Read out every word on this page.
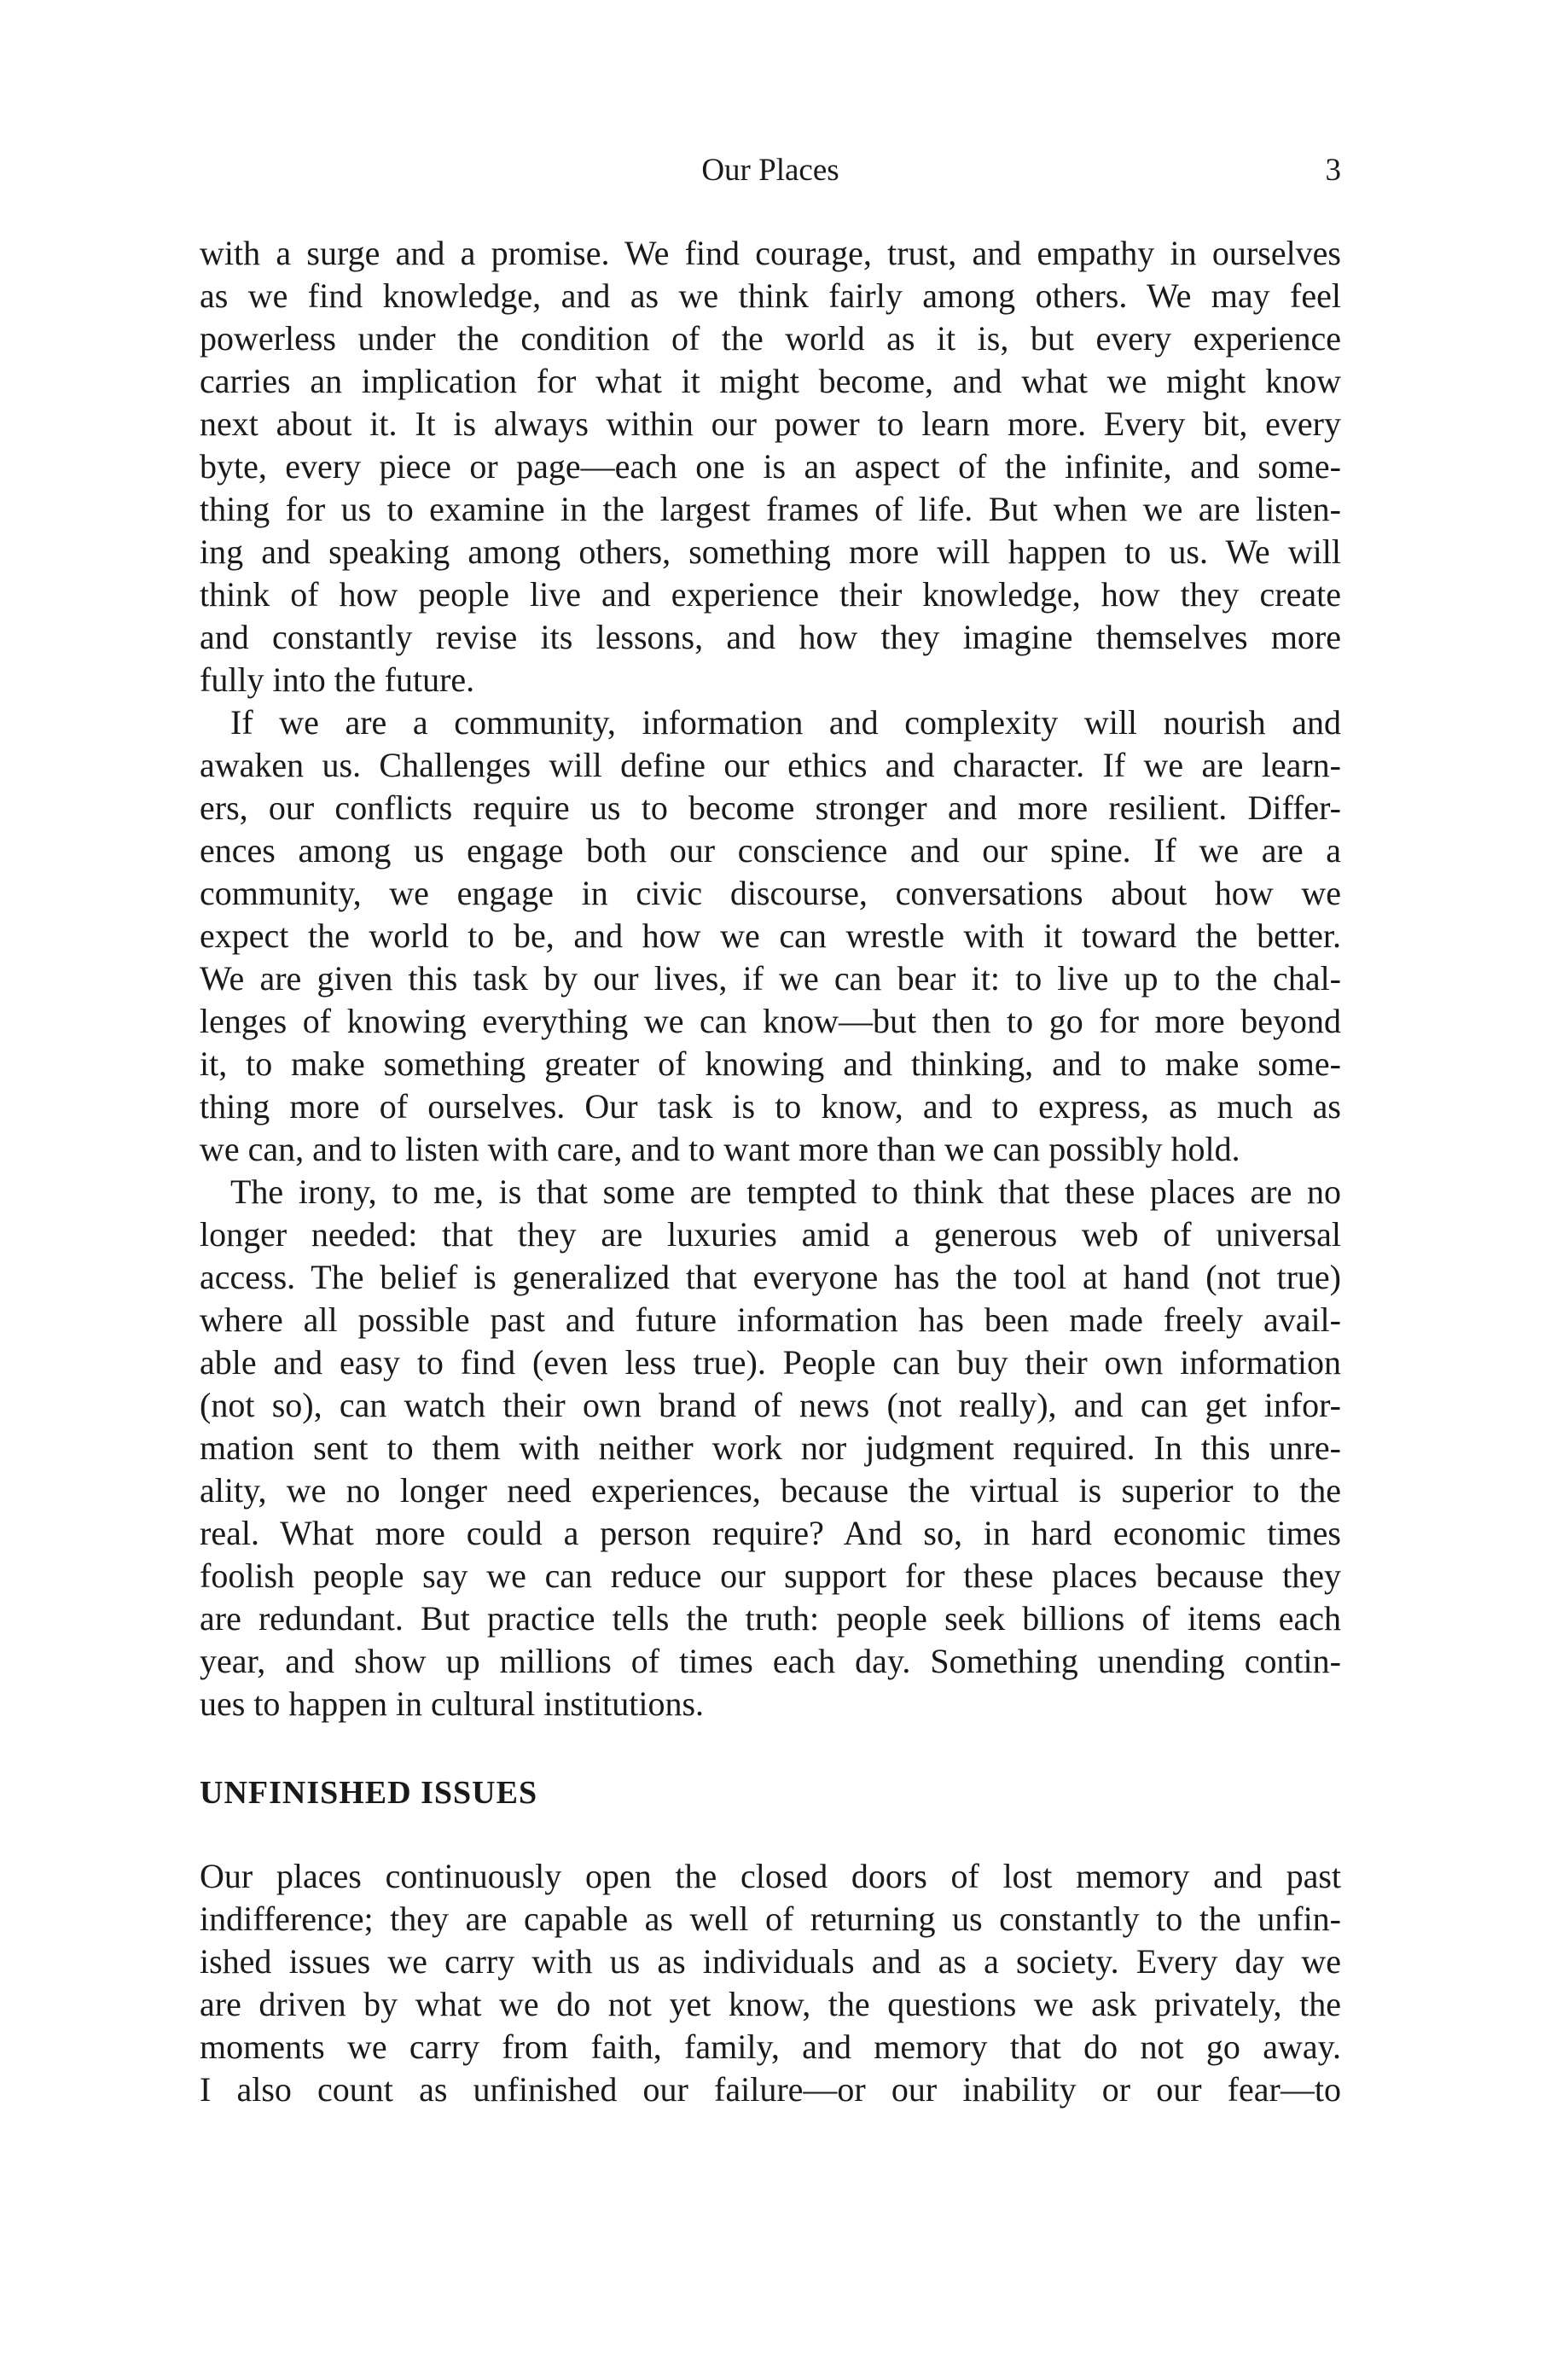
Our Places	3
with a surge and a promise. We find courage, trust, and empathy in ourselves
as we find knowledge, and as we think fairly among others. We may feel
powerless under the condition of the world as it is, but every experience
carries an implication for what it might become, and what we might know
next about it. It is always within our power to learn more. Every bit, every
byte, every piece or page—each one is an aspect of the infinite, and some-
thing for us to examine in the largest frames of life. But when we are listen-
ing and speaking among others, something more will happen to us. We will
think of how people live and experience their knowledge, how they create
and constantly revise its lessons, and how they imagine themselves more
fully into the future.
If we are a community, information and complexity will nourish and
awaken us. Challenges will define our ethics and character. If we are learn-
ers, our conflicts require us to become stronger and more resilient. Differ-
ences among us engage both our conscience and our spine. If we are a
community, we engage in civic discourse, conversations about how we
expect the world to be, and how we can wrestle with it toward the better.
We are given this task by our lives, if we can bear it: to live up to the chal-
lenges of knowing everything we can know—but then to go for more beyond
it, to make something greater of knowing and thinking, and to make some-
thing more of ourselves. Our task is to know, and to express, as much as
we can, and to listen with care, and to want more than we can possibly hold.
The irony, to me, is that some are tempted to think that these places are no
longer needed: that they are luxuries amid a generous web of universal
access. The belief is generalized that everyone has the tool at hand (not true)
where all possible past and future information has been made freely avail-
able and easy to find (even less true). People can buy their own information
(not so), can watch their own brand of news (not really), and can get infor-
mation sent to them with neither work nor judgment required. In this unre-
ality, we no longer need experiences, because the virtual is superior to the
real. What more could a person require? And so, in hard economic times
foolish people say we can reduce our support for these places because they
are redundant. But practice tells the truth: people seek billions of items each
year, and show up millions of times each day. Something unending contin-
ues to happen in cultural institutions.
UNFINISHED ISSUES
Our places continuously open the closed doors of lost memory and past
indifference; they are capable as well of returning us constantly to the unfin-
ished issues we carry with us as individuals and as a society. Every day we
are driven by what we do not yet know, the questions we ask privately, the
moments we carry from faith, family, and memory that do not go away.
I also count as unfinished our failure—or our inability or our fear—to
